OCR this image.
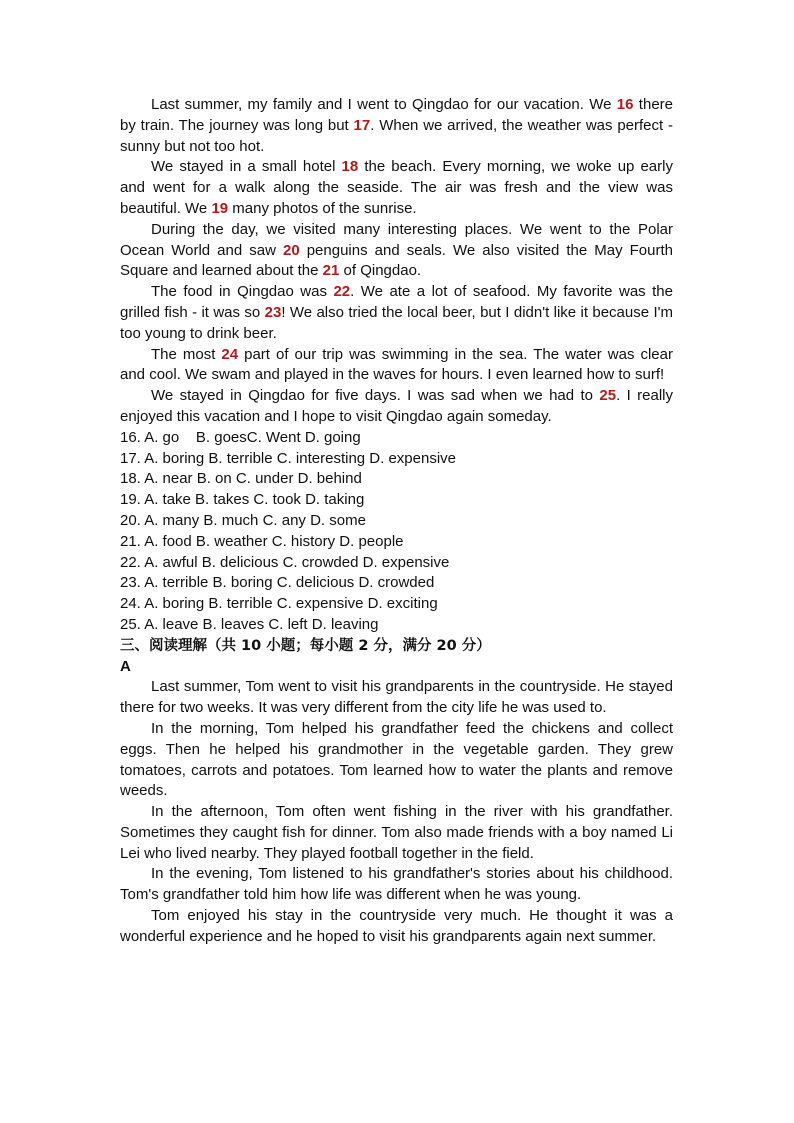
Last summer, my family and I went to Qingdao for our vacation. We 16 there by train. The journey was long but 17. When we arrived, the weather was perfect - sunny but not too hot.

We stayed in a small hotel 18 the beach. Every morning, we woke up early and went for a walk along the seaside. The air was fresh and the view was beautiful. We 19 many photos of the sunrise.

During the day, we visited many interesting places. We went to the Polar Ocean World and saw 20 penguins and seals. We also visited the May Fourth Square and learned about the 21 of Qingdao.

The food in Qingdao was 22. We ate a lot of seafood. My favorite was the grilled fish - it was so 23! We also tried the local beer, but I didn't like it because I'm too young to drink beer.

The most 24 part of our trip was swimming in the sea. The water was clear and cool. We swam and played in the waves for hours. I even learned how to surf!

We stayed in Qingdao for five days. I was sad when we had to 25. I really enjoyed this vacation and I hope to visit Qingdao again someday.

16. A. go    B. goesC. Went D. going

17. A. boring B. terrible C. interesting D. expensive

18. A. near B. on C. under D. behind

19. A. take B. takes C. took D. taking

20. A. many B. much C. any D. some

21. A. food B. weather C. history D. people

22. A. awful B. delicious C. crowded D. expensive

23. A. terrible B. boring C. delicious D. crowded

24. A. boring B. terrible C. expensive D. exciting

25. A. leave B. leaves C. left D. leaving

三、阅读理解（共 10 小题；每小题 2 分，满分 20 分）

A

Last summer, Tom went to visit his grandparents in the countryside. He stayed there for two weeks. It was very different from the city life he was used to.

In the morning, Tom helped his grandfather feed the chickens and collect eggs. Then he helped his grandmother in the vegetable garden. They grew tomatoes, carrots and potatoes. Tom learned how to water the plants and remove weeds.

In the afternoon, Tom often went fishing in the river with his grandfather. Sometimes they caught fish for dinner. Tom also made friends with a boy named Li Lei who lived nearby. They played football together in the field.

In the evening, Tom listened to his grandfather's stories about his childhood. Tom's grandfather told him how life was different when he was young.

Tom enjoyed his stay in the countryside very much. He thought it was a wonderful experience and he hoped to visit his grandparents again next summer.
